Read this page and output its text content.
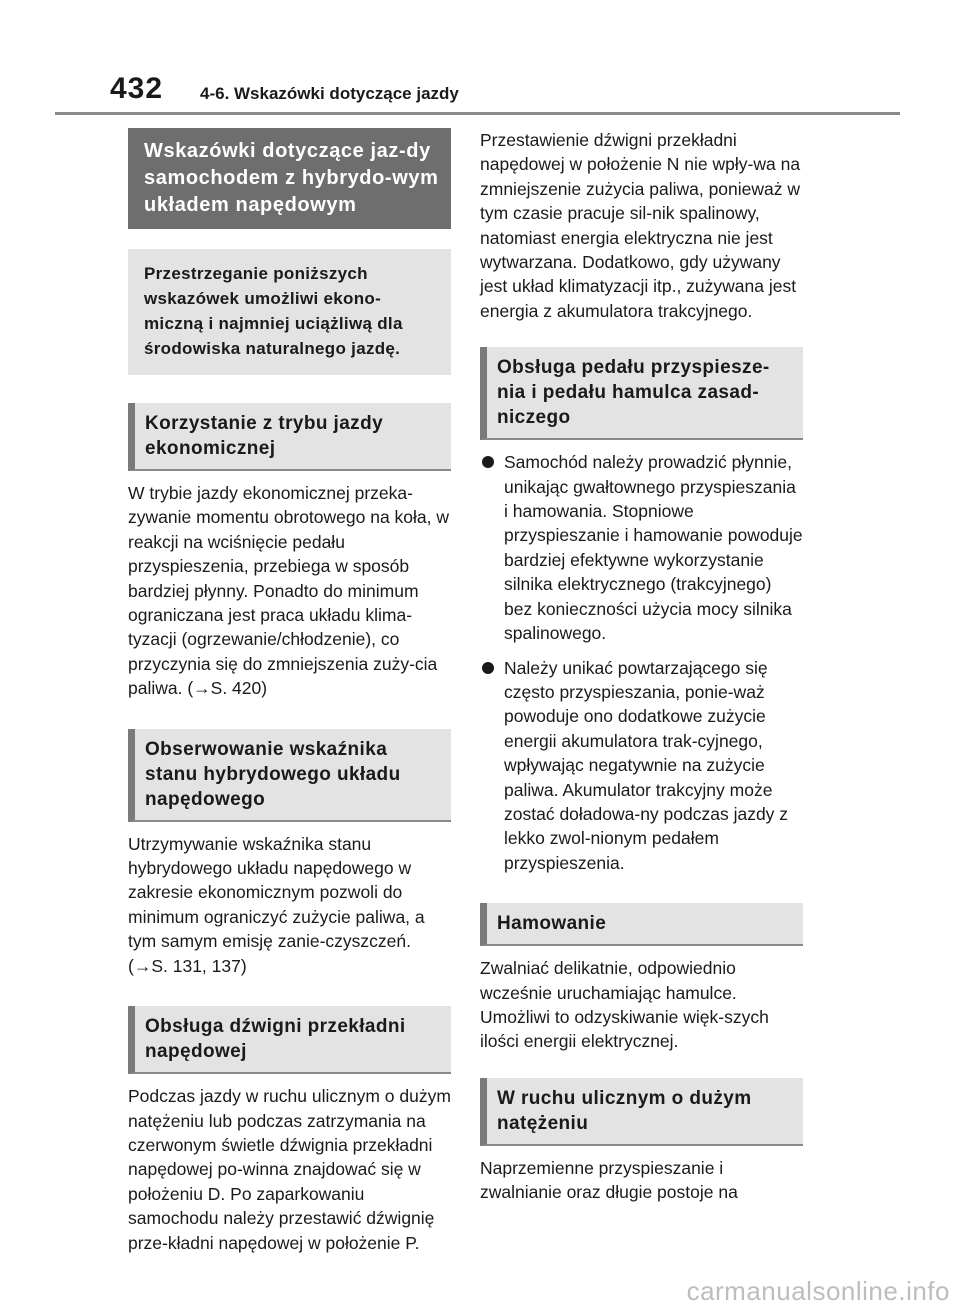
432 4-6. Wskazówki dotyczące jazdy
Wskazówki dotyczące jaz-dy samochodem z hybrydo-wym układem napędowym
Przestrzeganie poniższych wskazówek umożliwi ekono-miczną i najmniej uciążliwą dla środowiska naturalnego jazdę.
Korzystanie z trybu jazdy ekonomicznej
W trybie jazdy ekonomicznej przeka-zywanie momentu obrotowego na koła, w reakcji na wciśnięcie pedału przyspieszenia, przebiega w sposób bardziej płynny. Ponadto do minimum ograniczana jest praca układu klima-tyzacji (ogrzewanie/chłodzenie), co przyczynia się do zmniejszenia zuży-cia paliwa. (→S. 420)
Obserwowanie wskaźnika stanu hybrydowego układu napędowego
Utrzymywanie wskaźnika stanu hybrydowego układu napędowego w zakresie ekonomicznym pozwoli do minimum ograniczyć zużycie paliwa, a tym samym emisję zanie-czyszczeń. (→S. 131, 137)
Obsługa dźwigni przekładni napędowej
Podczas jazdy w ruchu ulicznym o dużym natężeniu lub podczas zatrzymania na czerwonym świetle dźwignia przekładni napędowej po-winna znajdować się w położeniu D. Po zaparkowaniu samochodu należy przestawić dźwignię prze-kładni napędowej w położenie P.
Przestawienie dźwigni przekładni napędowej w położenie N nie wpły-wa na zmniejszenie zużycia paliwa, ponieważ w tym czasie pracuje sil-nik spalinowy, natomiast energia elektryczna nie jest wytwarzana. Dodatkowo, gdy używany jest układ klimatyzacji itp., zużywana jest energia z akumulatora trakcyjnego.
Obsługa pedału przyspiesze-nia i pedału hamulca zasad-niczego
Samochód należy prowadzić płynnie, unikając gwałtownego przyspieszania i hamowania. Stopniowe przyspieszanie i hamowanie powoduje bardziej efektywne wykorzystanie silnika elektrycznego (trakcyjnego) bez konieczności użycia mocy silnika spalinowego.
Należy unikać powtarzającego się często przyspieszania, ponie-waż powoduje ono dodatkowe zużycie energii akumulatora trak-cyjnego, wpływając negatywnie na zużycie paliwa. Akumulator trakcyjny może zostać doładowa-ny podczas jazdy z lekko zwol-nionym pedałem przyspieszenia.
Hamowanie
Zwalniać delikatnie, odpowiednio wcześnie uruchamiając hamulce. Umożliwi to odzyskiwanie więk-szych ilości energii elektrycznej.
W ruchu ulicznym o dużym natężeniu
Naprzemienne przyspieszanie i zwalnianie oraz długie postoje na
carmanualsonline.info
